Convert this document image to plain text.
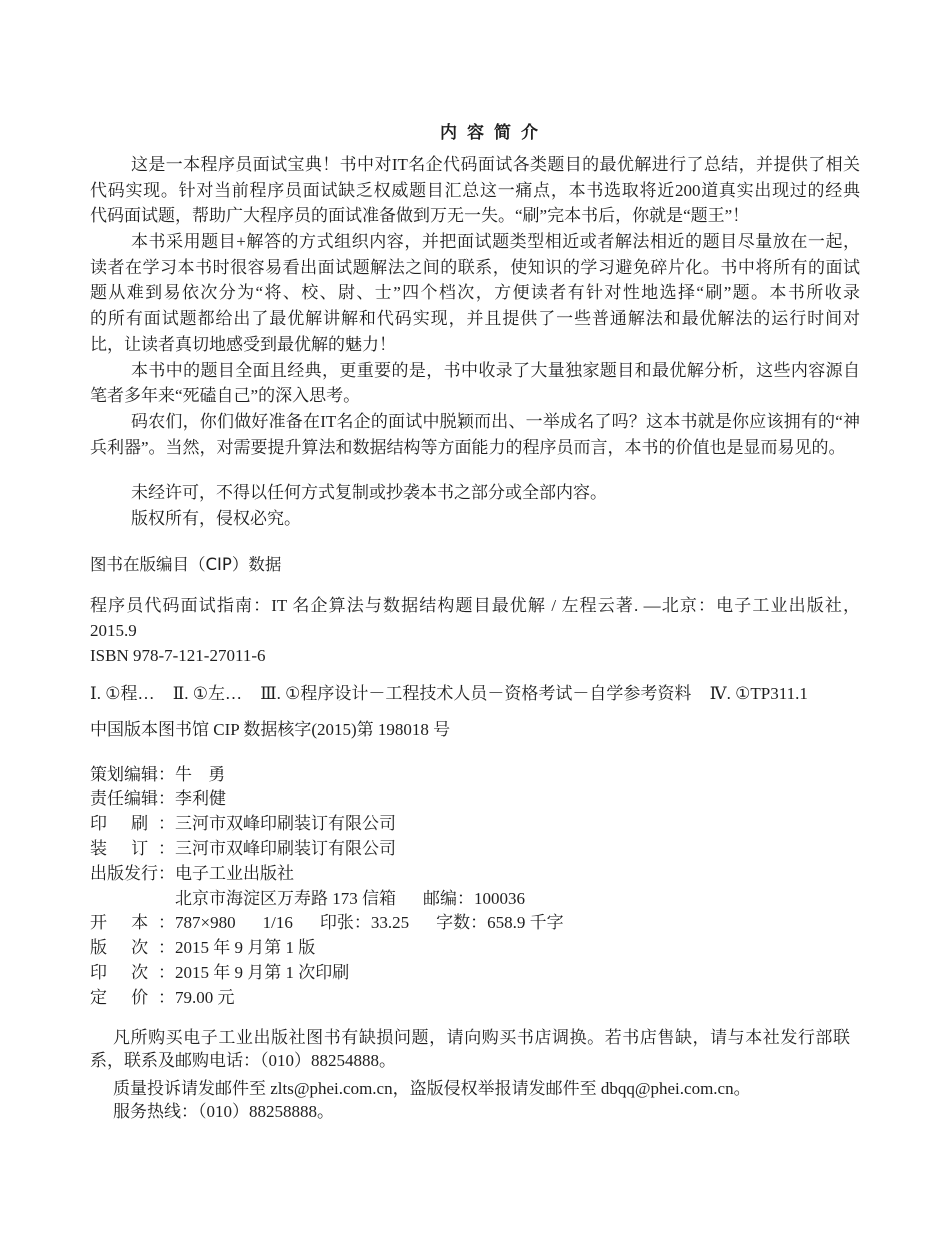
内容简介
这是一本程序员面试宝典！书中对IT名企代码面试各类题目的最优解进行了总结，并提供了相关
代码实现。针对当前程序员面试缺乏权威题目汇总这一痛点，本书选取将近200道真实出现过的经典
代码面试题，帮助广大程序员的面试准备做到万无一失。“刷”完本书后，你就是“题王”！
本书采用题目+解答的方式组织内容，并把面试题类型相近或者解法相近的题目尽量放在一起，
读者在学习本书时很容易看出面试题解法之间的联系，使知识的学习避免碎片化。书中将所有的面试
题从难到易依次分为“将、校、尉、士”四个档次，方便读者有针对性地选择“刷”题。本书所收录
的所有面试题都给出了最优解讲解和代码实现，并且提供了一些普通解法和最优解法的运行时间对
比，让读者真切地感受到最优解的魅力！
本书中的题目全面且经典，更重要的是，书中收录了大量独家题目和最优解分析，这些内容源自
笔者多年来“死磕自己”的深入思考。
码农们，你们做好准备在IT名企的面试中脱颖而出、一举成名了吗？这本书就是你应该拥有的“神
兵利器”。当然，对需要提升算法和数据结构等方面能力的程序员而言，本书的价值也是显而易见的。
未经许可，不得以任何方式复制或抄袭本书之部分或全部内容。
版权所有，侵权必究。
图书在版编目（CIP）数据
程序员代码面试指南：IT 名企算法与数据结构题目最优解 / 左程云著. —北京：电子工业出版社，
2015.9
ISBN 978-7-121-27011-6
Ⅰ. ①程… Ⅱ. ①左… Ⅲ. ①程序设计－工程技术人员－资格考试－自学参考资料 Ⅳ. ①TP311.1
中国版本图书馆 CIP 数据核字(2015)第 198018 号
策划编辑：牛 勇
责任编辑：李利健
印 刷：三河市双峰印刷装订有限公司
装 订：三河市双峰印刷装订有限公司
出版发行：电子工业出版社
北京市海淀区万寿路 173 信箱 邮编：100036
开 本：787×980 1/16 印张：33.25 字数：658.9 千字
版 次：2015 年 9 月第 1 版
印 次：2015 年 9 月第 1 次印刷
定 价：79.00 元
凡所购买电子工业出版社图书有缺损问题，请向购买书店调换。若书店售缺，请与本社发行部联
系，联系及邮购电话：（010）88254888。
质量投诉请发邮件至 zlts@phei.com.cn，盗版侵权举报请发邮件至 dbqq@phei.com.cn。
服务热线：（010）88258888。
